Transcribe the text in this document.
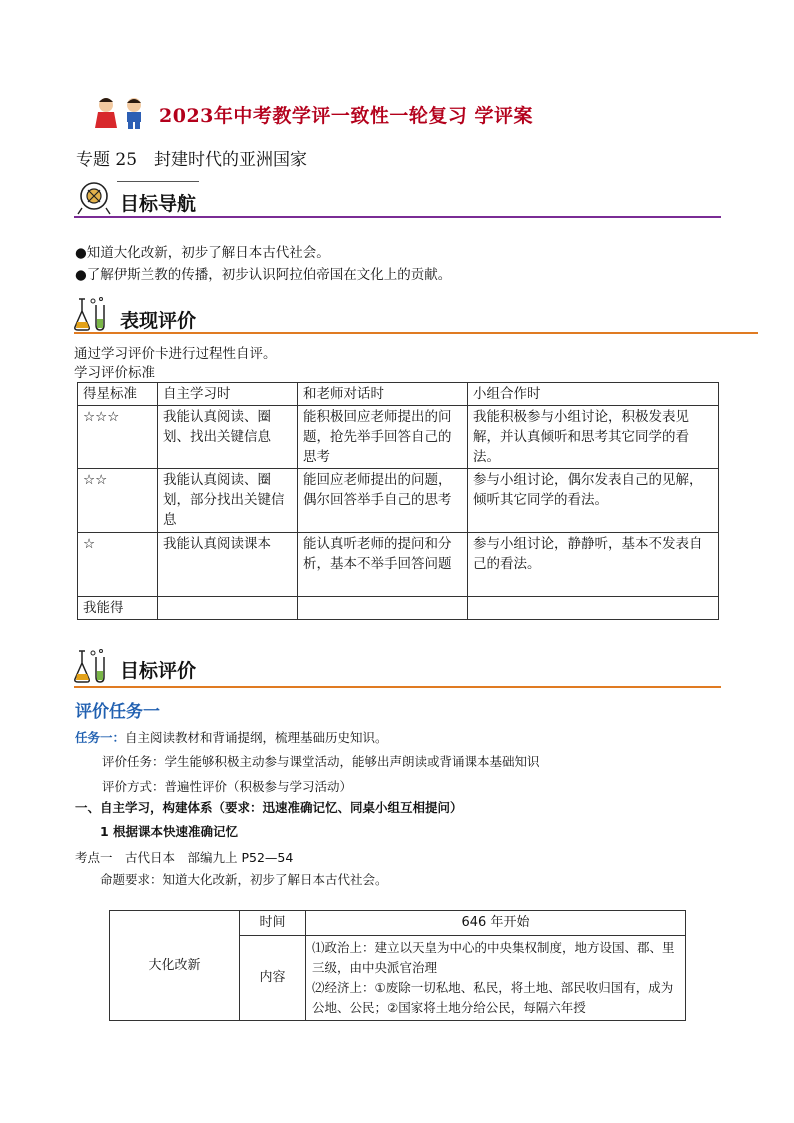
2023年中考教学评一致性一轮复习 学评案
专题 25　封建时代的亚洲国家
目标导航
●知道大化改新，初步了解日本古代社会。
●了解伊斯兰教的传播，初步认识阿拉伯帝国在文化上的贡献。
表现评价
通过学习评价卡进行过程性自评。
学习评价标准
得星标准	自主学习时	和老师对话时	小组合作时
☆☆☆	我能认真阅读、圈划、找出关键信息	能积极回应老师提出的问题，抢先举手回答自己的思考	我能积极参与小组讨论，积极发表见解，并认真倾听和思考其它同学的看法。
☆☆	我能认真阅读、圈划，部分找出关键信息	能回应老师提出的问题，偶尔回答举手自己的思考	参与小组讨论，偶尔发表自己的见解，倾听其它同学的看法。
☆	我能认真阅读课本	能认真听老师的提问和分析，基本不举手回答问题	参与小组讨论，静静听，基本不发表自己的看法。
我能得			
目标评价
评价任务一
任务一：自主阅读教材和背诵提纲，梳理基础历史知识。
评价任务：学生能够积极主动参与课堂活动，能够出声朗读或背诵课本基础知识
评价方式：普遍性评价（积极参与学习活动）
一、自主学习，构建体系（要求：迅速准确记忆、同桌小组互相提问）
1 根据课本快速准确记忆
考点一　古代日本　部编九上 P52—54
命题要求：知道大化改新，初步了解日本古代社会。
大化改新	时间	646 年开始
	内容	⑴政治上：建立以天皇为中心的中央集权制度，地方设国、郡、里三级，由中央派官治理
⑵经济上：①废除一切私地、私民，将土地、部民收归国有，成为公地、公民；②国家将土地分给公民，每隔六年授
